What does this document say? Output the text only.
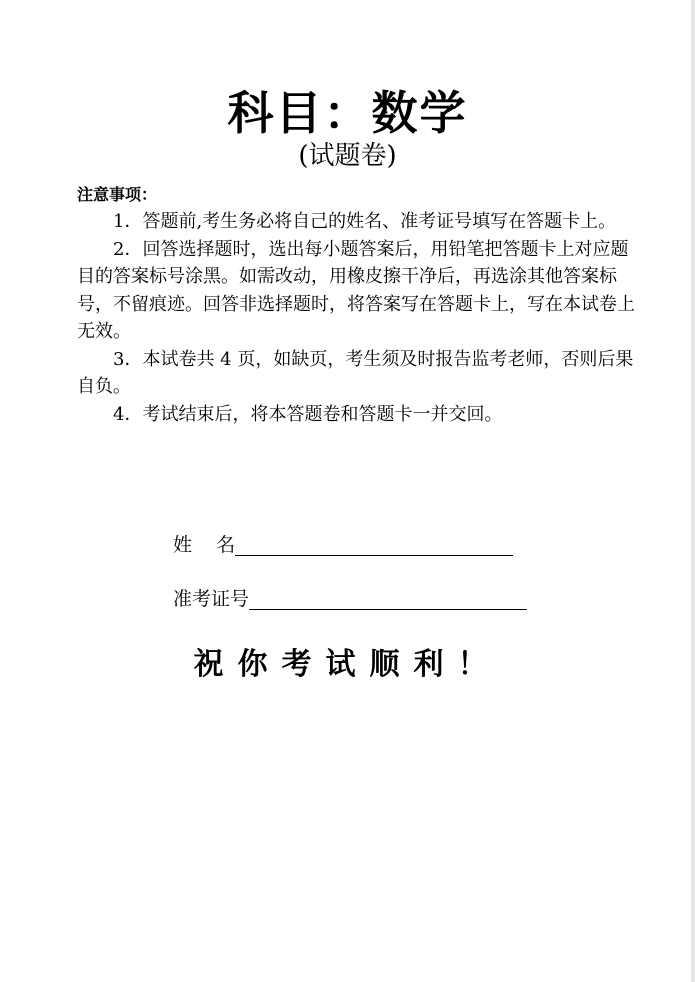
科目：数学
(试题卷)
注意事项：

1．答题前,考生务必将自己的姓名、准考证号填写在答题卡上。

2．回答选择题时，选出每小题答案后，用铅笔把答题卡上对应题目的答案标号涂黑。如需改动，用橡皮擦干净后，再选涂其他答案标号，不留痕迹。回答非选择题时，将答案写在答题卡上，写在本试卷上无效。

3．本试卷共 4 页，如缺页，考生须及时报告监考老师，否则后果自负。

4．考试结束后，将本答题卷和答题卡一并交回。

姓    名
准考证号
祝你考试顺利！
